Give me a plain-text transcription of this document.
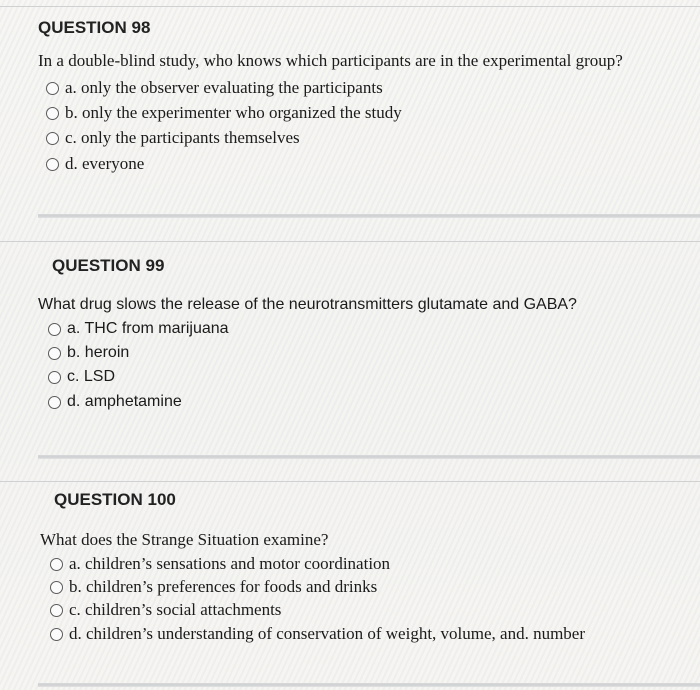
QUESTION 98
In a double-blind study, who knows which participants are in the experimental group?
a. only the observer evaluating the participants
b. only the experimenter who organized the study
c. only the participants themselves
d. everyone
QUESTION 99
What drug slows the release of the neurotransmitters glutamate and GABA?
a. THC from marijuana
b. heroin
c. LSD
d. amphetamine
QUESTION 100
What does the Strange Situation examine?
a. children’s sensations and motor coordination
b. children’s preferences for foods and drinks
c. children’s social attachments
d. children’s understanding of conservation of weight, volume, and. number
